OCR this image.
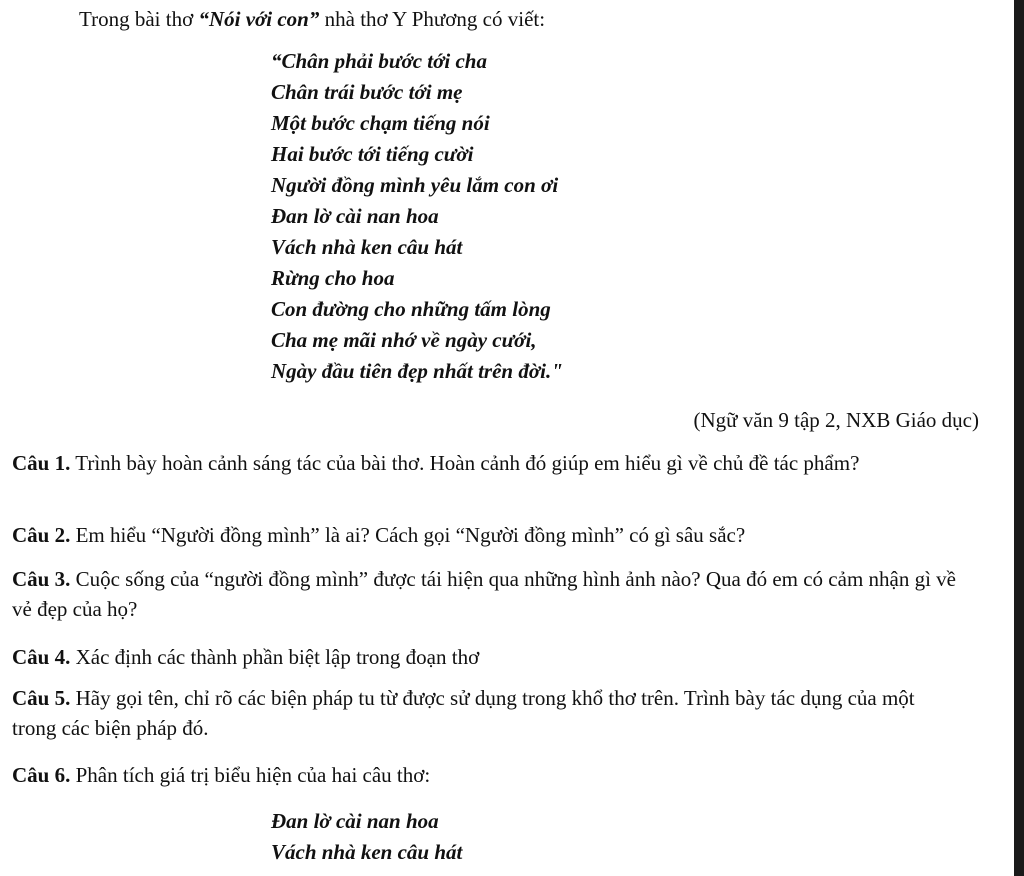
Trong bài thơ “Nói với con” nhà thơ Y Phương có viết:
“Chân phải bước tới cha
Chân trái bước tới mẹ
Một bước chạm tiếng nói
Hai bước tới tiếng cười
Người đồng mình yêu lắm con ơi
Đan lờ cài nan hoa
Vách nhà ken câu hát
Rừng cho hoa
Con đường cho những tấm lòng
Cha mẹ mãi nhớ về ngày cưới,
Ngày đầu tiên đẹp nhất trên đời."
(Ngữ văn 9 tập 2, NXB Giáo dục)
Câu 1. Trình bày hoàn cảnh sáng tác của bài thơ. Hoàn cảnh đó giúp em hiểu gì về chủ đề tác phẩm?
Câu 2. Em hiểu “Người đồng mình” là ai? Cách gọi “Người đồng mình” có gì sâu sắc?
Câu 3. Cuộc sống của “người đồng mình” được tái hiện qua những hình ảnh nào? Qua đó em có cảm nhận gì về vẻ đẹp của họ?
Câu 4. Xác định các thành phần biệt lập trong đoạn thơ
Câu 5. Hãy gọi tên, chỉ rõ các biện pháp tu từ được sử dụng trong khổ thơ trên. Trình bày tác dụng của một trong các biện pháp đó.
Câu 6. Phân tích giá trị biểu hiện của hai câu thơ:
Đan lờ cài nan hoa
Vách nhà ken câu hát
